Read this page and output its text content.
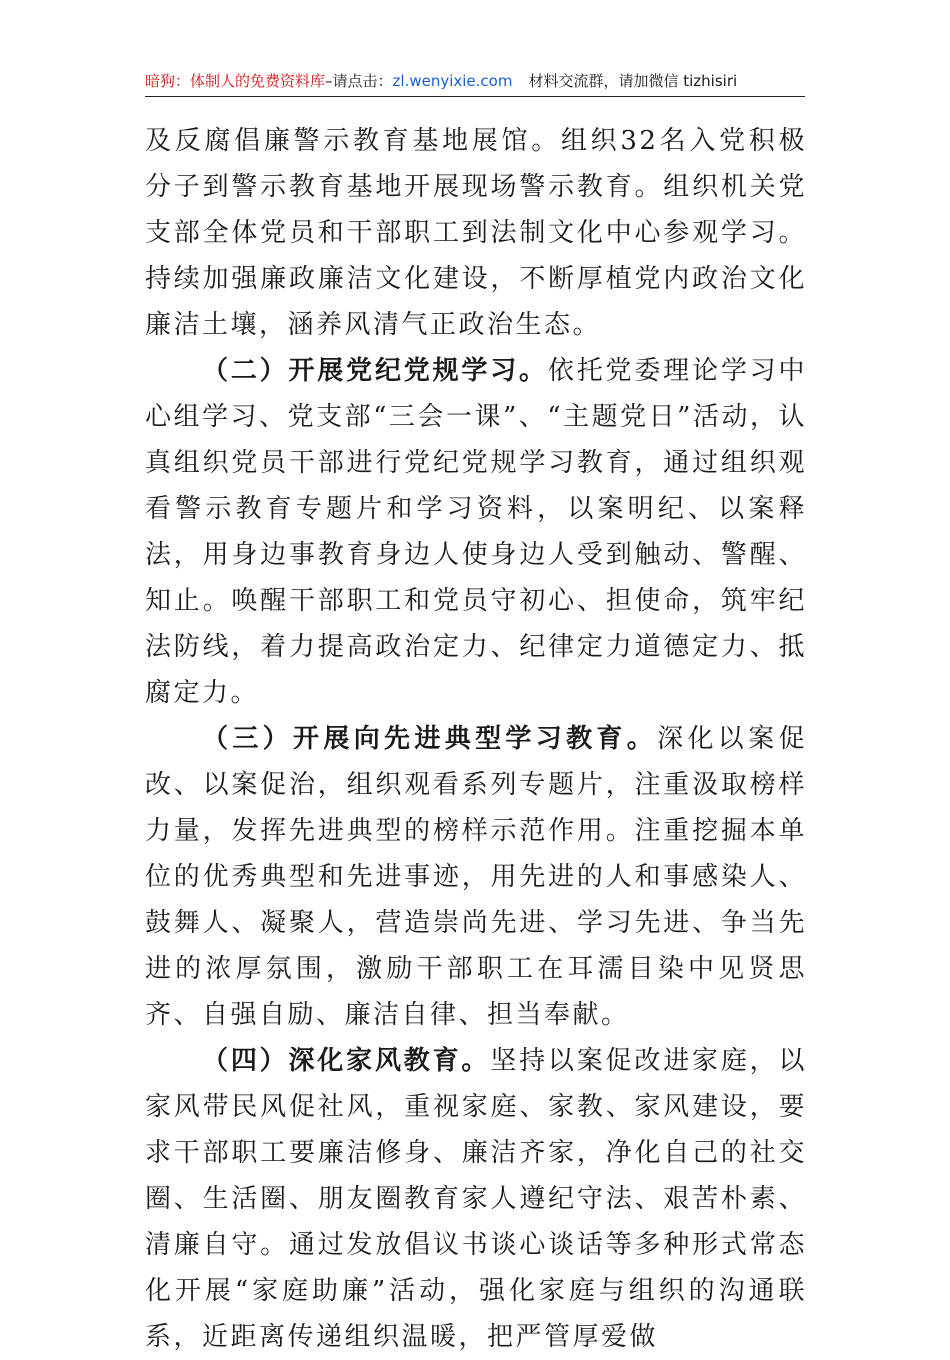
暗狗：体制人的免费资料库–请点击：zl.wenyixie.com 材料交流群，请加微信 tizhisiri

及反腐倡廉警示教育基地展馆。组织32名入党积极分子到警示教育基地开展现场警示教育。组织机关党支部全体党员和干部职工到法制文化中心参观学习。持续加强廉政廉洁文化建设，不断厚植党内政治文化廉洁土壤，涵养风清气正政治生态。

（二）开展党纪党规学习。依托党委理论学习中心组学习、党支部“三会一课”、“主题党日”活动，认真组织党员干部进行党纪党规学习教育，通过组织观看警示教育专题片和学习资料，以案明纪、以案释法，用身边事教育身边人使身边人受到触动、警醒、知止。唤醒干部职工和党员守初心、担使命，筑牢纪法防线，着力提高政治定力、纪律定力道德定力、抵腐定力。

（三）开展向先进典型学习教育。深化以案促改、以案促治，组织观看系列专题片，注重汲取榜样力量，发挥先进典型的榜样示范作用。注重挖掘本单位的优秀典型和先进事迹，用先进的人和事感染人、鼓舞人、凝聚人，营造崇尚先进、学习先进、争当先进的浓厚氛围，激励干部职工在耳濡目染中见贤思齐、自强自励、廉洁自律、担当奉献。

（四）深化家风教育。坚持以案促改进家庭，以家风带民风促社风，重视家庭、家教、家风建设，要求干部职工要廉洁修身、廉洁齐家，净化自己的社交圈、生活圈、朋友圈教育家人遵纪守法、艰苦朴素、清廉自守。通过发放倡议书谈心谈话等多种形式常态化开展“家庭助廉”活动，强化家庭与组织的沟通联系，近距离传递组织温暖，把严管厚爱做
